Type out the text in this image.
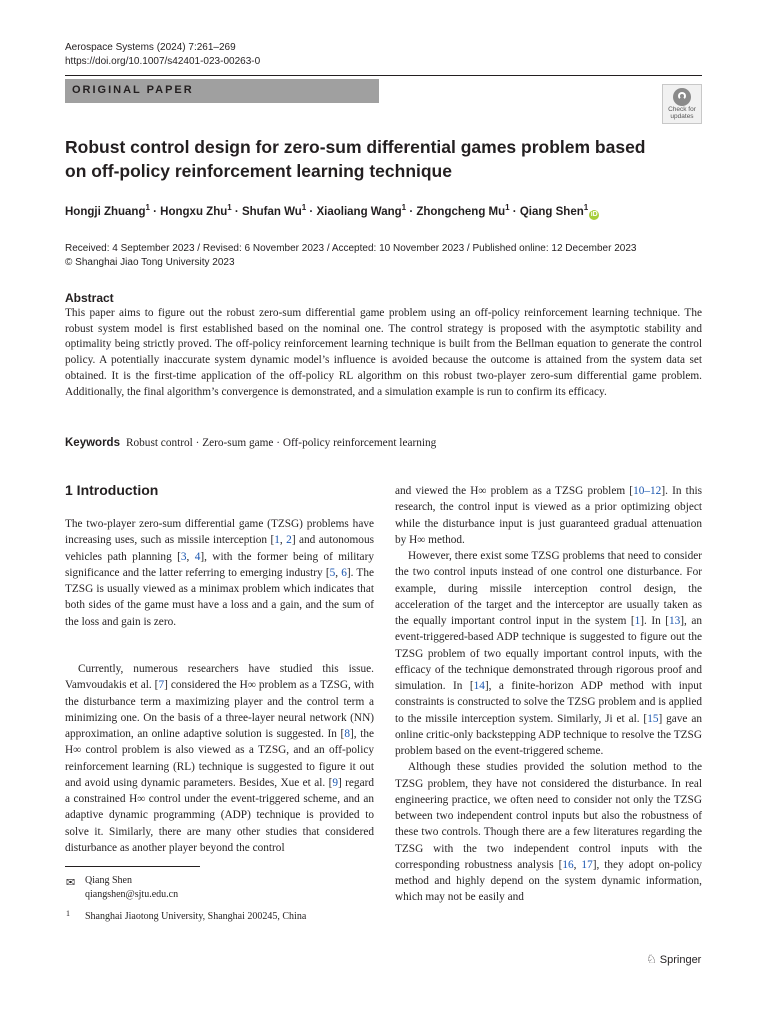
Aerospace Systems (2024) 7:261–269
https://doi.org/10.1007/s42401-023-00263-0
ORIGINAL PAPER
Check for
updates
Robust control design for zero-sum differential games problem based on off-policy reinforcement learning technique
Hongji Zhuang$^1$ · Hongxu Zhu$^1$ · Shufan $Wu^1$ · Xiaoliang Wang$^1$ · Zhongcheng $Mu^1$ · Qiang Shen$^1$iD
Received: 4 September 2023 / Revised: 6 November 2023 / Accepted: 10 November 2023 / Published online: 12 December 2023
© Shanghai Jiao Tong University 2023
Abstract

This paper aims to figure out the robust zero-sum differential game problem using an off-policy reinforcement learning technique. The robust system model is first established based on the nominal one. The control strategy is proposed with the asymptotic stability and optimality being strictly proved. The off-policy reinforcement learning technique is built from the Bellman equation to generate the control policy. A potentially inaccurate system dynamic model’s influence is avoided because the outcome is attained from the system data set obtained. It is the first-time application of the off-policy RL algorithm on this robust two-player zero-sum differential game problem. Additionally, the final algorithm’s convergence is demonstrated, and a simulation example is run to confirm its efficacy.

Keywords Robust control · Zero-sum game · Off-policy reinforcement learning
1 Introduction

The two-player zero-sum differential game (TZSG) problems have increasing uses, such as missile interception [1, 2] and autonomous vehicles path planning [3, 4], with the former being of military significance and the latter referring to emerging industry [5, 6]. The TZSG is usually viewed as a minimax problem which indicates that both sides of the game must have a loss and a gain, and the sum of the loss and gain is zero.

Currently, numerous researchers have studied this issue. Vamvoudakis et al. [7] considered the H∞ problem as a TZSG, with the disturbance term a maximizing player and the control term a minimizing one. On the basis of a three-layer neural network (NN) approximation, an online adaptive solution is suggested. In [8], the H∞ control problem is also viewed as a TZSG, and an off-policy reinforcement learning (RL) technique is suggested to figure it out and avoid using dynamic parameters. Besides, Xue et al. [9] regard a constrained H∞ control under the event-triggered scheme, and an adaptive dynamic programming (ADP) technique is provided to solve it. Similarly, there are many other studies that considered disturbance as another player beyond the control

and viewed the H∞ problem as a TZSG problem [10–12]. In this research, the control input is viewed as a prior optimizing object while the disturbance input is just guaranteed gradual attenuation by H∞ method.

However, there exist some TZSG problems that need to consider the two control inputs instead of one control one disturbance. For example, during missile interception control design, the acceleration of the target and the interceptor are usually taken as the equally important control input in the system [1]. In [13], an event-triggered-based ADP technique is suggested to figure out the TZSG problem of two equally important control inputs, with the efficacy of the technique demonstrated through rigorous proof and simulation. In [14], a finite-horizon ADP method with input constraints is constructed to solve the TZSG problem and is applied to the missile interception system. Similarly, Ji et al. [15] gave an online critic-only backstepping ADP technique to resolve the TZSG problem based on the event-triggered scheme.

Although these studies provided the solution method to the TZSG problem, they have not considered the disturbance. In real engineering practice, we often need to consider not only the TZSG between two independent control inputs but also the robustness of these two controls. Though there are a few literatures regarding the TZSG with the two independent control inputs with the corresponding robustness analysis [16, 17], they adopt on-policy method and highly depend on the system dynamic information, which may not be easily and

✉ Qiang Shen
qiangshen@sjtu.edu.cn
1 Shanghai Jiaotong University, Shanghai 200245, China
♘ Springer
